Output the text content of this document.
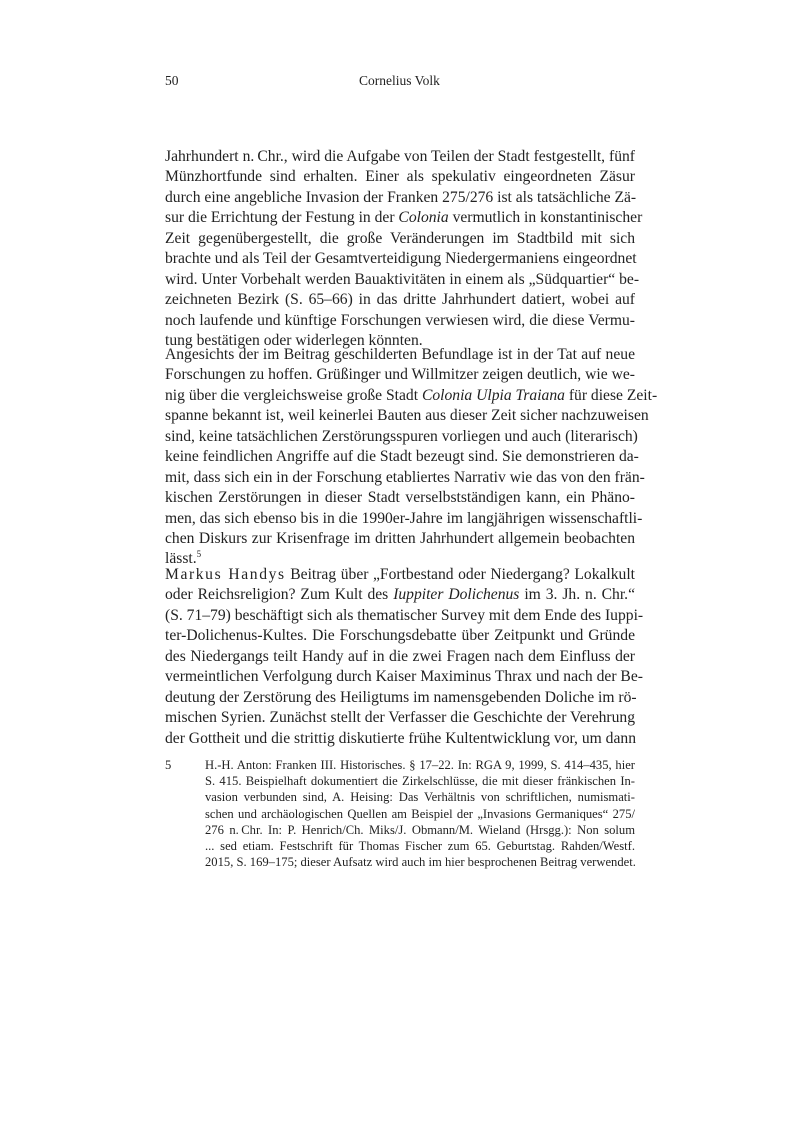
50	Cornelius Volk
Jahrhundert n. Chr., wird die Aufgabe von Teilen der Stadt festgestellt, fünf
Münzhortfunde sind erhalten. Einer als spekulativ eingeordneten Zäsur
durch eine angebliche Invasion der Franken 275/276 ist als tatsächliche Zä-
sur die Errichtung der Festung in der Colonia vermutlich in konstantinischer
Zeit gegenübergestellt, die große Veränderungen im Stadtbild mit sich
brachte und als Teil der Gesamtverteidigung Niedergermaniens eingeordnet
wird. Unter Vorbehalt werden Bauaktivitäten in einem als „Südquartier“ be-
zeichneten Bezirk (S. 65–66) in das dritte Jahrhundert datiert, wobei auf
noch laufende und künftige Forschungen verwiesen wird, die diese Vermu-
tung bestätigen oder widerlegen könnten.
Angesichts der im Beitrag geschilderten Befundlage ist in der Tat auf neue
Forschungen zu hoffen. Grüßinger und Willmitzer zeigen deutlich, wie we-
nig über die vergleichsweise große Stadt Colonia Ulpia Traiana für diese Zeit-
spanne bekannt ist, weil keinerlei Bauten aus dieser Zeit sicher nachzuweisen
sind, keine tatsächlichen Zerstörungsspuren vorliegen und auch (literarisch)
keine feindlichen Angriffe auf die Stadt bezeugt sind. Sie demonstrieren da-
mit, dass sich ein in der Forschung etabliertes Narrativ wie das von den frän-
kischen Zerstörungen in dieser Stadt verselbstständigen kann, ein Phäno-
men, das sich ebenso bis in die 1990er-Jahre im langjährigen wissenschaftli-
chen Diskurs zur Krisenfrage im dritten Jahrhundert allgemein beobachten
lässt.$^5$
Markus Handys Beitrag über „Fortbestand oder Niedergang? Lokalkult
oder Reichsreligion? Zum Kult des Iuppiter Dolichenus im 3. Jh. n. Chr.“
(S. 71–79) beschäftigt sich als thematischer Survey mit dem Ende des Iuppi-
ter-Dolichenus-Kultes. Die Forschungsdebatte über Zeitpunkt und Gründe
des Niedergangs teilt Handy auf in die zwei Fragen nach dem Einfluss der
vermeintlichen Verfolgung durch Kaiser Maximinus Thrax und nach der Be-
deutung der Zerstörung des Heiligtums im namensgebenden Doliche im rö-
mischen Syrien. Zunächst stellt der Verfasser die Geschichte der Verehrung
der Gottheit und die strittig diskutierte frühe Kultentwicklung vor, um dann
5	H.-H. Anton: Franken III. Historisches. § 17–22. In: RGA 9, 1999, S. 414–435, hier
S. 415. Beispielhaft dokumentiert die Zirkelschlüsse, die mit dieser fränkischen In-
vasion verbunden sind, A. Heising: Das Verhältnis von schriftlichen, numismati-
schen und archäologischen Quellen am Beispiel der „Invasions Germaniques“ 275/
276 n. Chr. In: P. Henrich/Ch. Miks/J. Obmann/M. Wieland (Hrsgg.): Non solum
... sed etiam. Festschrift für Thomas Fischer zum 65. Geburtstag. Rahden/Westf.
2015, S. 169–175; dieser Aufsatz wird auch im hier besprochenen Beitrag verwendet.
